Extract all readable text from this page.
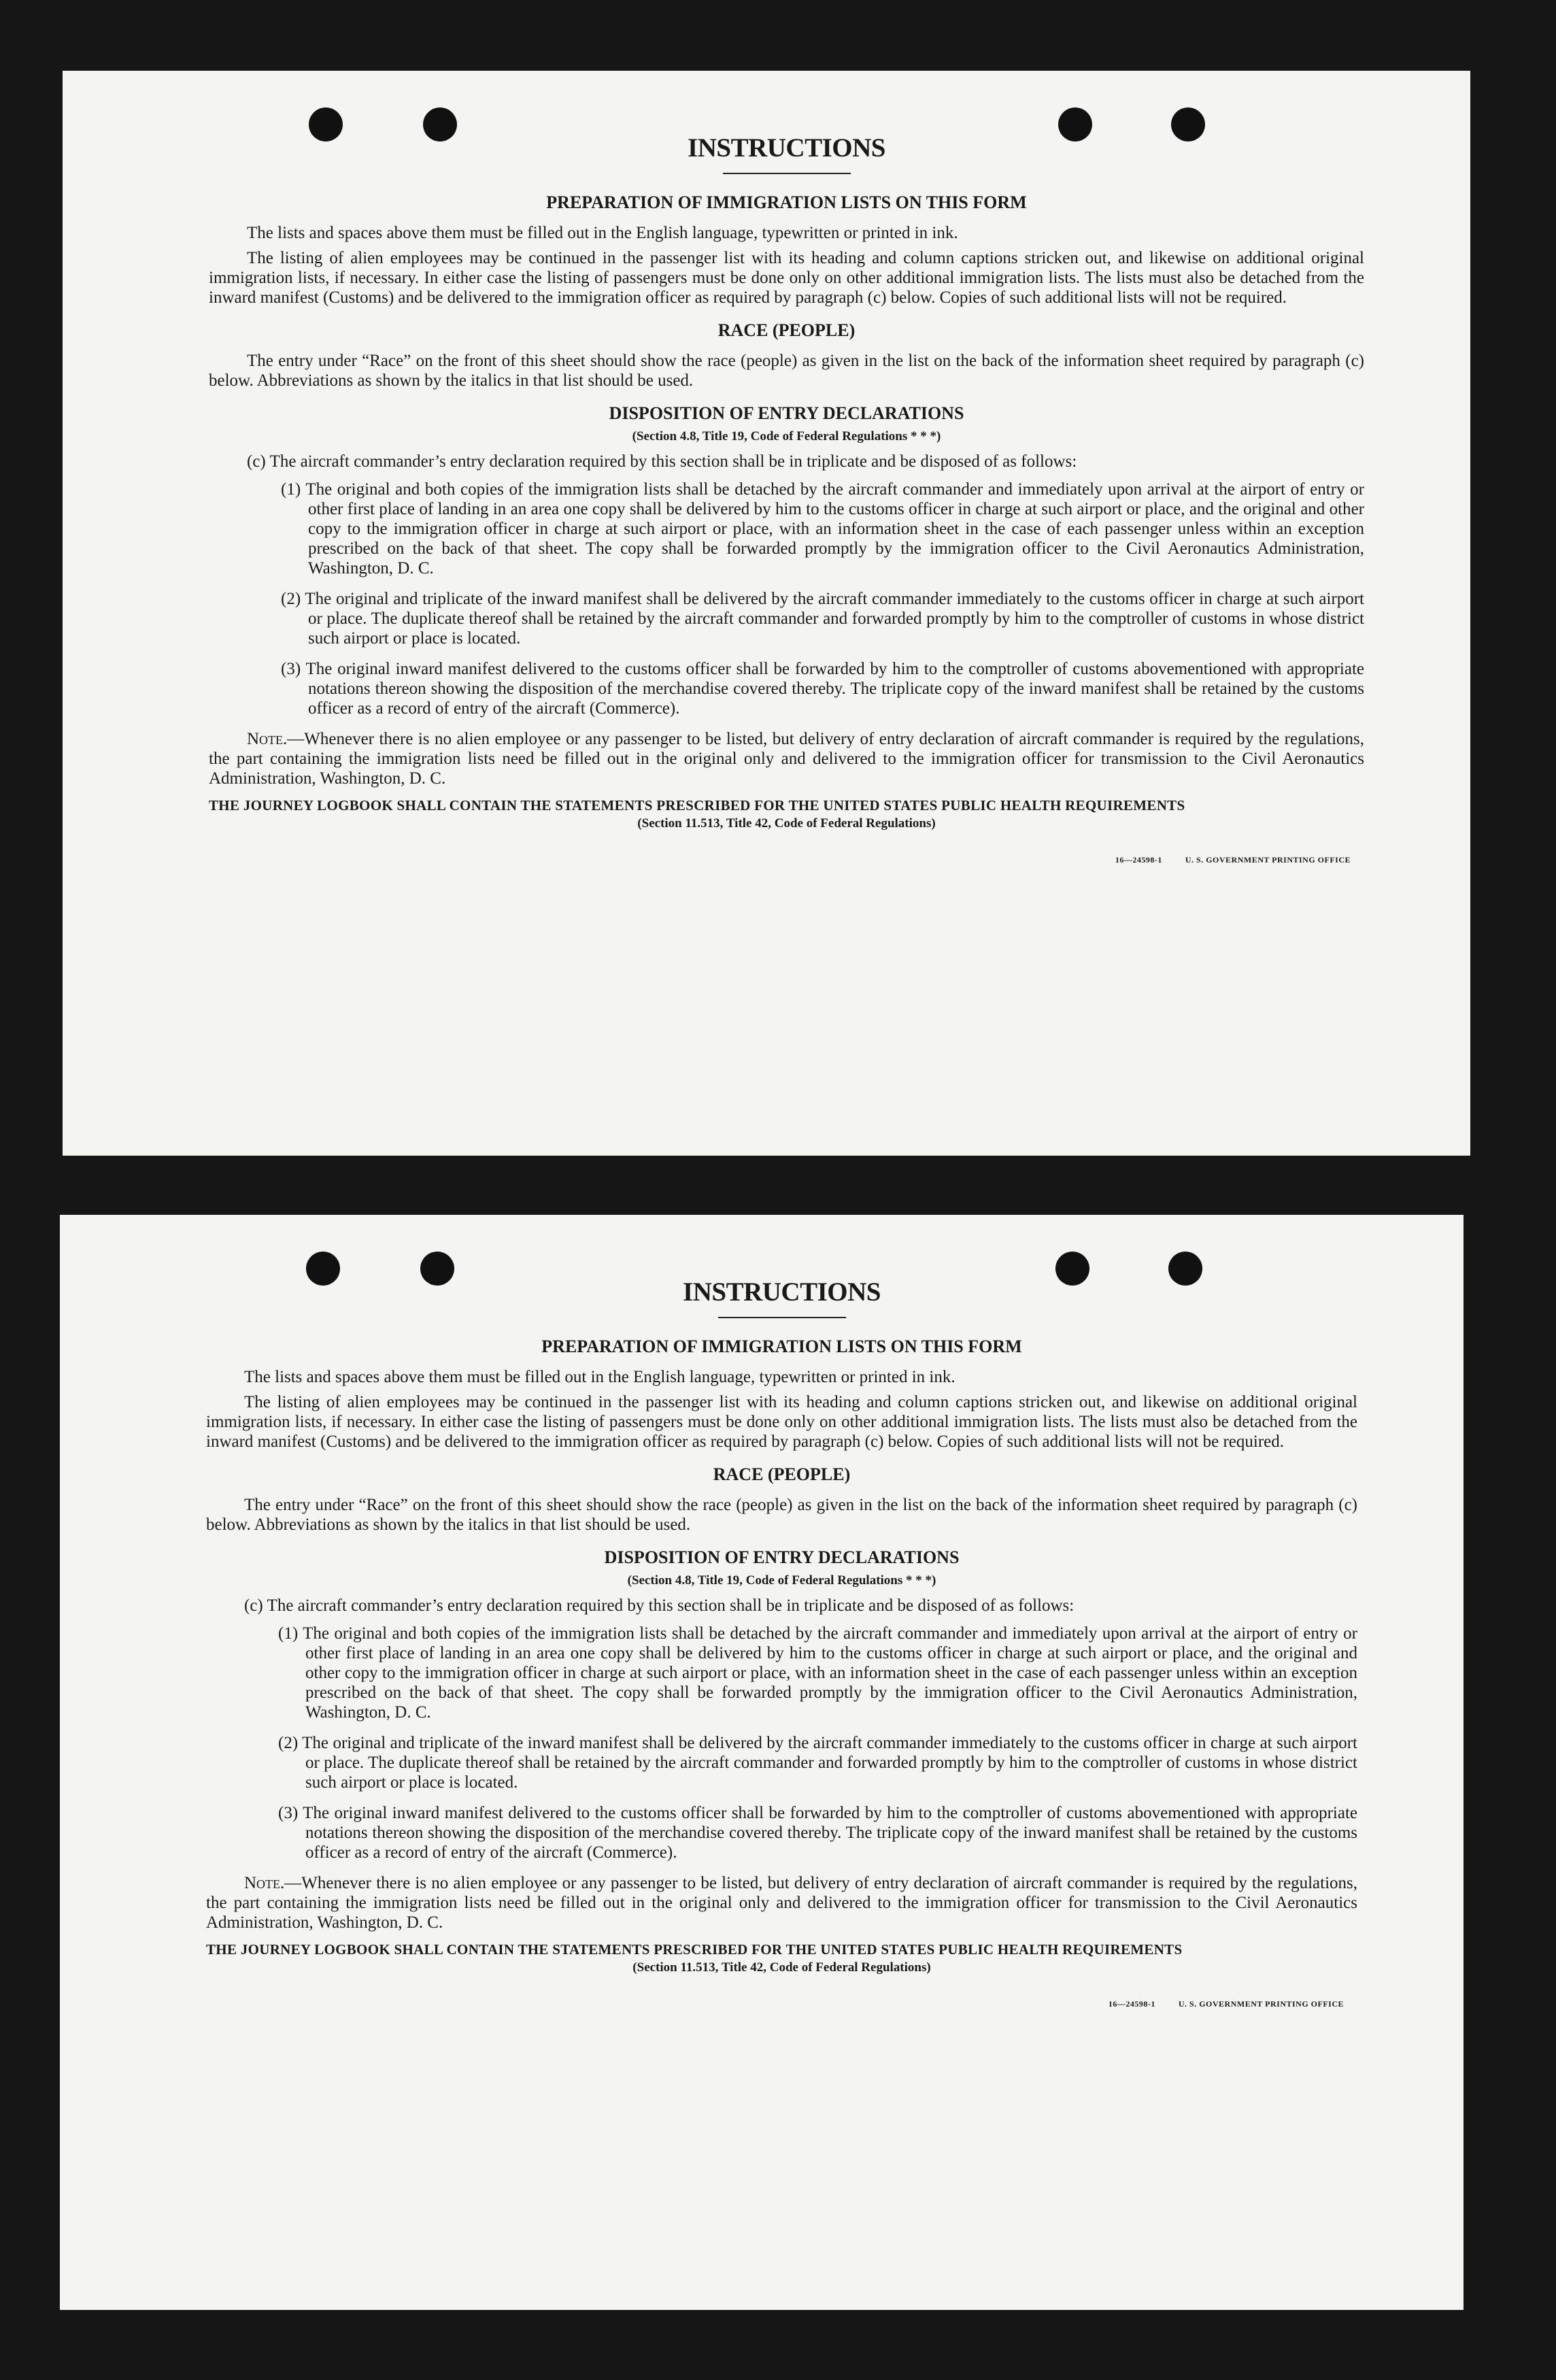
INSTRUCTIONS
PREPARATION OF IMMIGRATION LISTS ON THIS FORM

The lists and spaces above them must be filled out in the English language, typewritten or printed in ink.

The listing of alien employees may be continued in the passenger list with its heading and column captions stricken out, and likewise on additional original immigration lists, if necessary. In either case the listing of passengers must be done only on other additional immigration lists. The lists must also be detached from the inward manifest (Customs) and be delivered to the immigration officer as required by paragraph (c) below. Copies of such additional lists will not be required.

RACE (PEOPLE)

The entry under “Race” on the front of this sheet should show the race (people) as given in the list on the back of the information sheet required by paragraph (c) below. Abbreviations as shown by the italics in that list should be used.

DISPOSITION OF ENTRY DECLARATIONS
(Section 4.8, Title 19, Code of Federal Regulations * * *)

(c) The aircraft commander’s entry declaration required by this section shall be in triplicate and be disposed of as follows:

(1) The original and both copies of the immigration lists shall be detached by the aircraft commander and immediately upon arrival at the airport of entry or other first place of landing in an area one copy shall be delivered by him to the customs officer in charge at such airport or place, and the original and other copy to the immigration officer in charge at such airport or place, with an information sheet in the case of each passenger unless within an exception prescribed on the back of that sheet. The copy shall be forwarded promptly by the immigration officer to the Civil Aeronautics Administration, Washington, D. C.
(2) The original and triplicate of the inward manifest shall be delivered by the aircraft commander immediately to the customs officer in charge at such airport or place. The duplicate thereof shall be retained by the aircraft commander and forwarded promptly by him to the comptroller of customs in whose district such airport or place is located.
(3) The original inward manifest delivered to the customs officer shall be forwarded by him to the comptroller of customs abovementioned with appropriate notations thereon showing the disposition of the merchandise covered thereby. The triplicate copy of the inward manifest shall be retained by the customs officer as a record of entry of the aircraft (Commerce).

Note.—Whenever there is no alien employee or any passenger to be listed, but delivery of entry declaration of aircraft commander is required by the regulations, the part containing the immigration lists need be filled out in the original only and delivered to the immigration officer for transmission to the Civil Aeronautics Administration, Washington, D. C.

THE JOURNEY LOGBOOK SHALL CONTAIN THE STATEMENTS PRESCRIBED FOR THE UNITED STATES PUBLIC HEALTH REQUIREMENTS
(Section 11.513, Title 42, Code of Federal Regulations)
16—24598-1	U. S. GOVERNMENT PRINTING OFFICE
INSTRUCTIONS
PREPARATION OF IMMIGRATION LISTS ON THIS FORM

The lists and spaces above them must be filled out in the English language, typewritten or printed in ink.

The listing of alien employees may be continued in the passenger list with its heading and column captions stricken out, and likewise on additional original immigration lists, if necessary. In either case the listing of passengers must be done only on other additional immigration lists. The lists must also be detached from the inward manifest (Customs) and be delivered to the immigration officer as required by paragraph (c) below. Copies of such additional lists will not be required.

RACE (PEOPLE)

The entry under “Race” on the front of this sheet should show the race (people) as given in the list on the back of the information sheet required by paragraph (c) below. Abbreviations as shown by the italics in that list should be used.

DISPOSITION OF ENTRY DECLARATIONS
(Section 4.8, Title 19, Code of Federal Regulations * * *)

(c) The aircraft commander’s entry declaration required by this section shall be in triplicate and be disposed of as follows:

(1) The original and both copies of the immigration lists shall be detached by the aircraft commander and immediately upon arrival at the airport of entry or other first place of landing in an area one copy shall be delivered by him to the customs officer in charge at such airport or place, and the original and other copy to the immigration officer in charge at such airport or place, with an information sheet in the case of each passenger unless within an exception prescribed on the back of that sheet. The copy shall be forwarded promptly by the immigration officer to the Civil Aeronautics Administration, Washington, D. C.
(2) The original and triplicate of the inward manifest shall be delivered by the aircraft commander immediately to the customs officer in charge at such airport or place. The duplicate thereof shall be retained by the aircraft commander and forwarded promptly by him to the comptroller of customs in whose district such airport or place is located.
(3) The original inward manifest delivered to the customs officer shall be forwarded by him to the comptroller of customs abovementioned with appropriate notations thereon showing the disposition of the merchandise covered thereby. The triplicate copy of the inward manifest shall be retained by the customs officer as a record of entry of the aircraft (Commerce).

Note.—Whenever there is no alien employee or any passenger to be listed, but delivery of entry declaration of aircraft commander is required by the regulations, the part containing the immigration lists need be filled out in the original only and delivered to the immigration officer for transmission to the Civil Aeronautics Administration, Washington, D. C.

THE JOURNEY LOGBOOK SHALL CONTAIN THE STATEMENTS PRESCRIBED FOR THE UNITED STATES PUBLIC HEALTH REQUIREMENTS
(Section 11.513, Title 42, Code of Federal Regulations)
16—24598-1	U. S. GOVERNMENT PRINTING OFFICE
